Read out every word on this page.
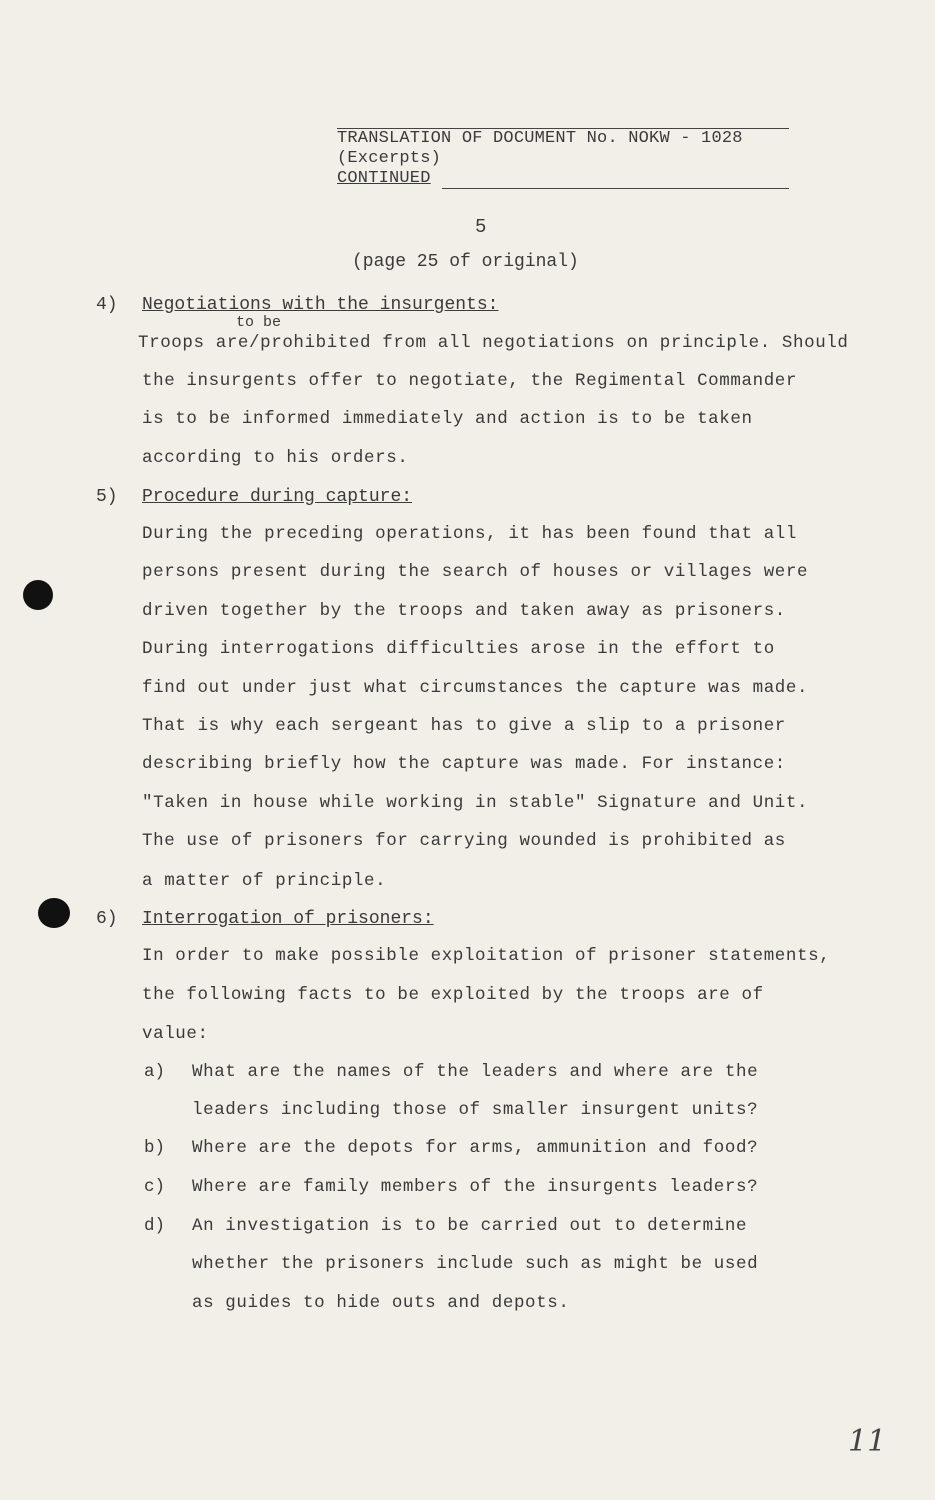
TRANSLATION OF DOCUMENT No. NOKW - 1028
(Excerpts)
CONTINUED
5
(page 25 of original)
4) Negotiations with the insurgents:
to be
Troops are/prohibited from all negotiations on principle. Should
the insurgents offer to negotiate, the Regimental Commander
is to be informed immediately and action is to be taken
according to his orders.
5) Procedure during capture:
During the preceding operations, it has been found that all
persons present during the search of houses or villages were
driven together by the troops and taken away as prisoners.
During interrogations difficulties arose in the effort to
find out under just what circumstances the capture was made.
That is why each sergeant has to give a slip to a prisoner
describing briefly how the capture was made. For instance:
"Taken in house while working in stable" Signature and Unit.
The use of prisoners for carrying wounded is prohibited as
a matter of principle.
6) Interrogation of prisoners:
In order to make possible exploitation of prisoner statements,
the following facts to be exploited by the troops are of
value:
a) What are the names of the leaders and where are the
leaders including those of smaller insurgent units?
b) Where are the depots for arms, ammunition and food?
c) Where are family members of the insurgents leaders?
d) An investigation is to be carried out to determine
whether the prisoners include such as might be used
as guides to hide outs and depots.
11
